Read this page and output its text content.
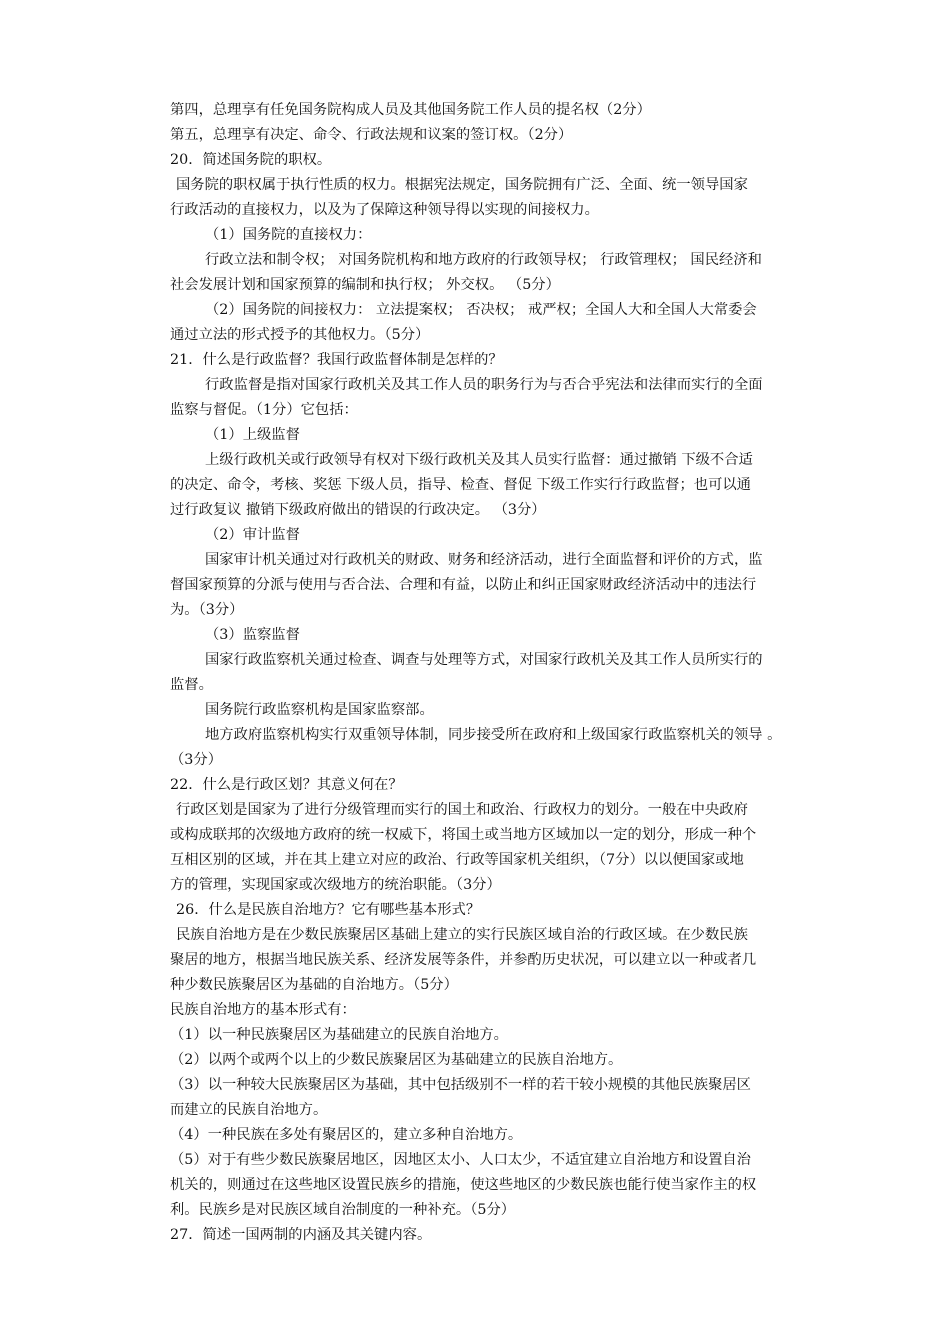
第四，总理享有任免国务院构成人员及其他国务院工作人员的提名权（2分）
第五，总理享有决定、命令、行政法规和议案的签订权。（2分）
20．简述国务院的职权。
国务院的职权属于执行性质的权力。根据宪法规定，国务院拥有广泛、全面、统一领导国家
行政活动的直接权力，以及为了保障这种领导得以实现的间接权力。
（1）国务院的直接权力：
行政立法和制令权； 对国务院机构和地方政府的行政领导权； 行政管理权； 国民经济和
社会发展计划和国家预算的编制和执行权； 外交权。 （5分）
（2）国务院的间接权力： 立法提案权； 否决权； 戒严权；全国人大和全国人大常委会
通过立法的形式授予的其他权力。（5分）
21．什么是行政监督？我国行政监督体制是怎样的？
行政监督是指对国家行政机关及其工作人员的职务行为与否合乎宪法和法律而实行的全面
监察与督促。（1分）它包括：
（1）上级监督
上级行政机关或行政领导有权对下级行政机关及其人员实行监督：通过撤销 下级不合适
的决定、命令，考核、奖惩 下级人员，指导、检查、督促 下级工作实行行政监督；也可以通
过行政复议 撤销下级政府做出的错误的行政决定。 （3分）
（2）审计监督
国家审计机关通过对行政机关的财政、财务和经济活动，进行全面监督和评价的方式，监
督国家预算的分派与使用与否合法、合理和有益，以防止和纠正国家财政经济活动中的违法行
为。（3分）
（3）监察监督
国家行政监察机关通过检查、调查与处理等方式，对国家行政机关及其工作人员所实行的
监督。
国务院行政监察机构是国家监察部。
地方政府监察机构实行双重领导体制，同步接受所在政府和上级国家行政监察机关的领导 。
（3分）
22．什么是行政区划？其意义何在？
行政区划是国家为了进行分级管理而实行的国土和政治、行政权力的划分。一般在中央政府
或构成联邦的次级地方政府的统一权威下，将国土或当地方区域加以一定的划分，形成一种个
互相区别的区域，并在其上建立对应的政治、行政等国家机关组织，（7分）以以便国家或地
方的管理，实现国家或次级地方的统治职能。（3分）
26．什么是民族自治地方？它有哪些基本形式？
民族自治地方是在少数民族聚居区基础上建立的实行民族区域自治的行政区域。在少数民族
聚居的地方，根据当地民族关系、经济发展等条件，并参酌历史状况，可以建立以一种或者几
种少数民族聚居区为基础的自治地方。（5分）
民族自治地方的基本形式有：
（1）以一种民族聚居区为基础建立的民族自治地方。
（2）以两个或两个以上的少数民族聚居区为基础建立的民族自治地方。
（3）以一种较大民族聚居区为基础，其中包括级别不一样的若干较小规模的其他民族聚居区
而建立的民族自治地方。
（4）一种民族在多处有聚居区的，建立多种自治地方。
（5）对于有些少数民族聚居地区，因地区太小、人口太少，不适宜建立自治地方和设置自治
机关的，则通过在这些地区设置民族乡的措施，使这些地区的少数民族也能行使当家作主的权
利。民族乡是对民族区域自治制度的一种补充。（5分）
27．简述一国两制的内涵及其关键内容。
